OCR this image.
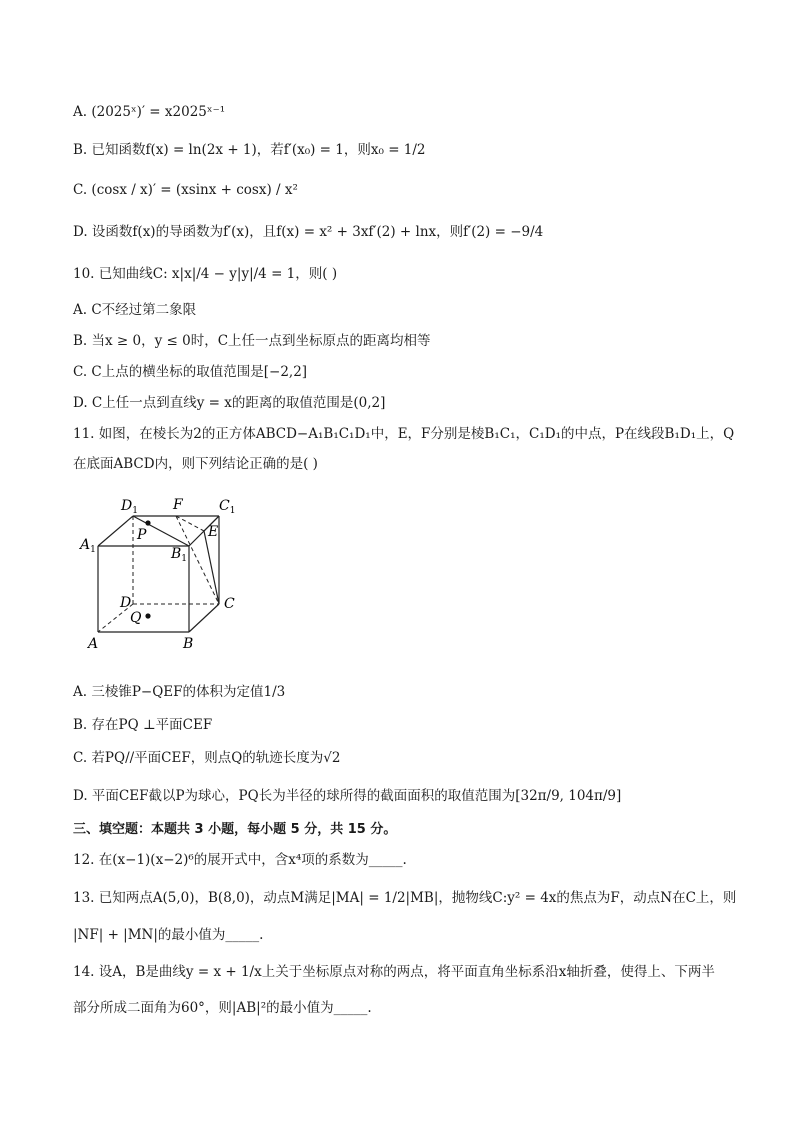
A. (2025ˣ)′ = x2025ˣ⁻¹
B. 已知函数f(x) = ln(2x + 1)，若f′(x₀) = 1，则x₀ = 1/2
C. (cosx / x)′ = (xsinx + cosx) / x²
D. 设函数f(x)的导函数为f′(x)，且f(x) = x² + 3xf′(2) + lnx，则f′(2) = −9/4
10. 已知曲线C: x|x|/4 − y|y|/4 = 1，则( )
A. C不经过第二象限
B. 当x ≥ 0，y ≤ 0时，C上任一点到坐标原点的距离均相等
C. C上点的横坐标的取值范围是[−2,2]
D. C上任一点到直线y = x的距离的取值范围是(0,2]
11. 如图，在棱长为2的正方体ABCD−A₁B₁C₁D₁中，E，F分别是棱B₁C₁，C₁D₁的中点，P在线段B₁D₁上，Q
在底面ABCD内，则下列结论正确的是( )
$D_1$	F	$C_1$
$A_1$
P	E
$B_1$
D	C
Q
A	B
A. 三棱锥P−QEF的体积为定值1/3
B. 存在PQ ⊥平面CEF
C. 若PQ//平面CEF，则点Q的轨迹长度为√2
D. 平面CEF截以P为球心，PQ长为半径的球所得的截面面积的取值范围为[32π/9, 104π/9]
三、填空题：本题共 3 小题，每小题 5 分，共 15 分。
12. 在(x−1)(x−2)⁶的展开式中，含x⁴项的系数为_____.
13. 已知两点A(5,0)，B(8,0)，动点M满足|MA| = 1/2|MB|，抛物线C:y² = 4x的焦点为F，动点N在C上，则
|NF| + |MN|的最小值为_____.
14. 设A，B是曲线y = x + 1/x上关于坐标原点对称的两点，将平面直角坐标系沿x轴折叠，使得上、下两半
部分所成二面角为60°，则|AB|²的最小值为_____.
